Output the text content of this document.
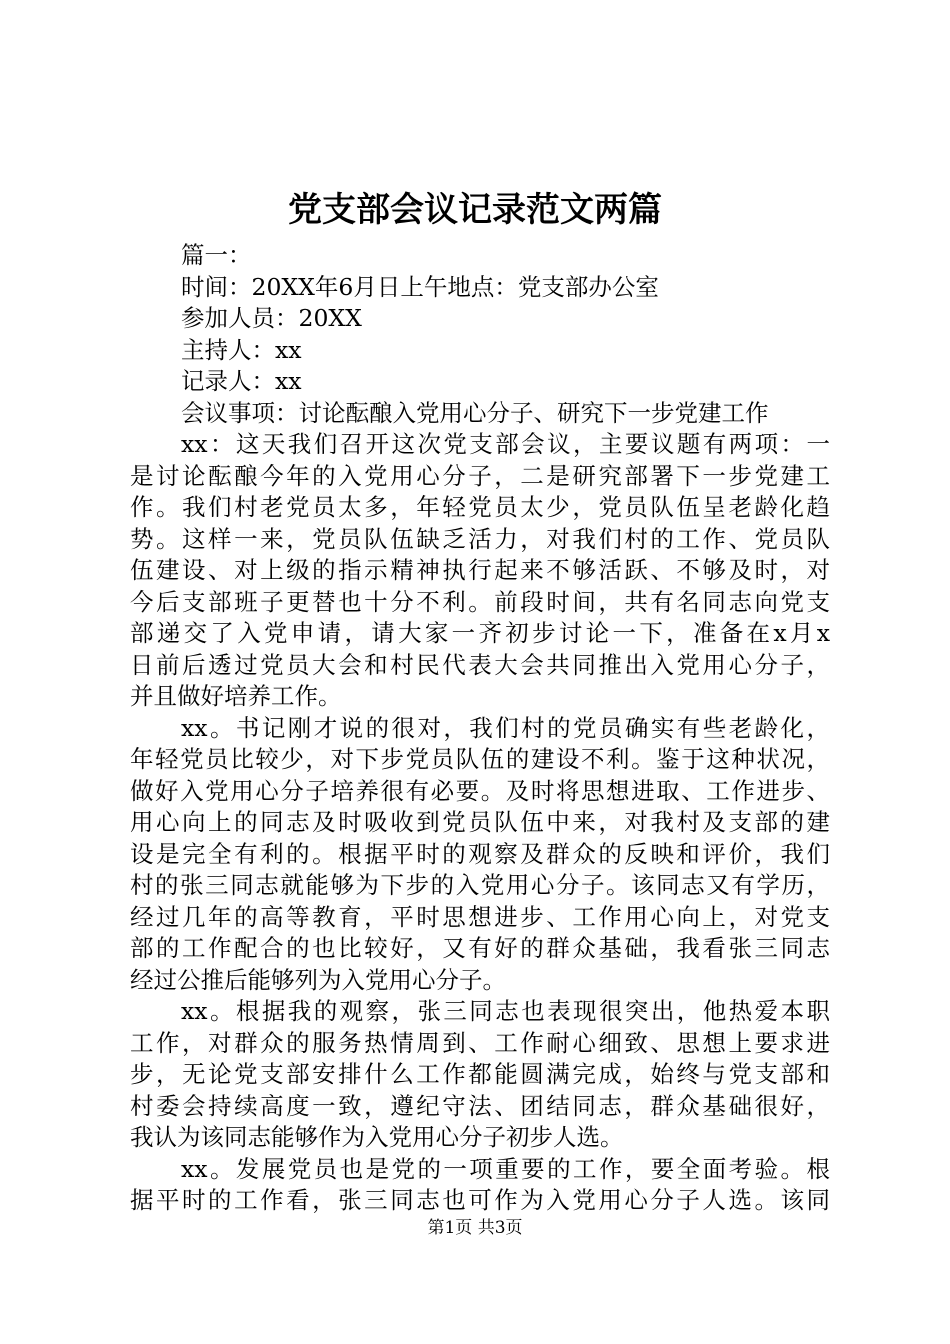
党支部会议记录范文两篇
篇一：
时间：20XX年6月日上午地点：党支部办公室
参加人员：20XX
主持人：xx
记录人：xx
会议事项：讨论酝酿入党用心分子、研究下一步党建工作
xx：这天我们召开这次党支部会议，主要议题有两项：一
是讨论酝酿今年的入党用心分子，二是研究部署下一步党建工
作。我们村老党员太多，年轻党员太少，党员队伍呈老龄化趋
势。这样一来，党员队伍缺乏活力，对我们村的工作、党员队
伍建设、对上级的指示精神执行起来不够活跃、不够及时，对
今后支部班子更替也十分不利。前段时间，共有名同志向党支
部递交了入党申请，请大家一齐初步讨论一下，准备在x月x
日前后透过党员大会和村民代表大会共同推出入党用心分子，
并且做好培养工作。
xx。书记刚才说的很对，我们村的党员确实有些老龄化，
年轻党员比较少，对下步党员队伍的建设不利。鉴于这种状况，
做好入党用心分子培养很有必要。及时将思想进取、工作进步、
用心向上的同志及时吸收到党员队伍中来，对我村及支部的建
设是完全有利的。根据平时的观察及群众的反映和评价，我们
村的张三同志就能够为下步的入党用心分子。该同志又有学历，
经过几年的高等教育，平时思想进步、工作用心向上，对党支
部的工作配合的也比较好，又有好的群众基础，我看张三同志
经过公推后能够列为入党用心分子。
xx。根据我的观察，张三同志也表现很突出，他热爱本职
工作，对群众的服务热情周到、工作耐心细致、思想上要求进
步，无论党支部安排什么工作都能圆满完成，始终与党支部和
村委会持续高度一致，遵纪守法、团结同志，群众基础很好，
我认为该同志能够作为入党用心分子初步人选。
xx。发展党员也是党的一项重要的工作，要全面考验。根
据平时的工作看，张三同志也可作为入党用心分子人选。该同
第1页 共3页
